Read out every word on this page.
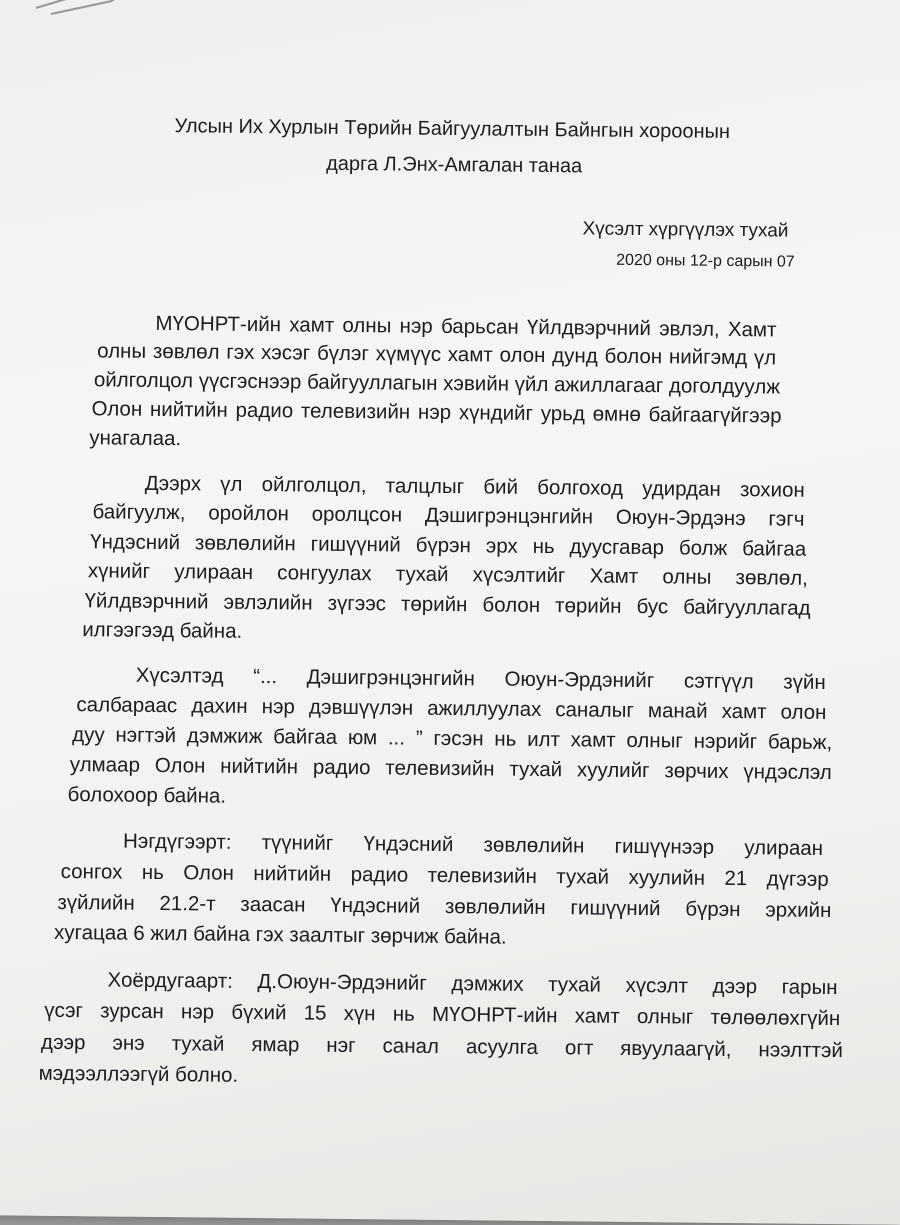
Улсын Их Хурлын Төрийн Байгуулалтын Байнгын хороонын
дарга Л.Энх-Амгалан танаа
Хүсэлт хүргүүлэх тухай
2020 оны 12-р сарын 07
МҮОНРТ-ийн хамт олны нэр барьсан Үйлдвэрчний эвлэл, Хамт
олны зөвлөл гэх хэсэг бүлэг хүмүүс хамт олон дунд болон нийгэмд үл
ойлголцол үүсгэснээр байгууллагын хэвийн үйл ажиллагааг доголдуулж
Олон нийтийн радио телевизийн нэр хүндийг урьд өмнө байгаагүйгээр
унагалаа.
Дээрх үл ойлголцол, талцлыг бий болгоход удирдан зохион
байгуулж, оройлон оролцсон Дэшигрэнцэнгийн Оюун-Эрдэнэ гэгч
Үндэсний зөвлөлийн гишүүний бүрэн эрх нь дуусгавар болж байгаа
хүнийг улираан сонгуулах тухай хүсэлтийг Хамт олны зөвлөл,
Үйлдвэрчний эвлэлийн зүгээс төрийн болон төрийн бус байгууллагад
илгээгээд байна.
Хүсэлтэд “... Дэшигрэнцэнгийн Оюун-Эрдэнийг сэтгүүл зүйн
салбараас дахин нэр дэвшүүлэн ажиллуулах саналыг манай хамт олон
дуу нэгтэй дэмжиж байгаа юм ... ” гэсэн нь илт хамт олныг нэрийг барьж,
улмаар Олон нийтийн радио телевизийн тухай хуулийг зөрчих үндэслэл
болохоор байна.
Нэгдүгээрт: түүнийг Үндэсний зөвлөлийн гишүүнээр улираан
сонгох нь Олон нийтийн радио телевизийн тухай хуулийн 21 дүгээр
зүйлийн 21.2-т заасан Үндэсний зөвлөлийн гишүүний бүрэн эрхийн
хугацаа 6 жил байна гэх заалтыг зөрчиж байна.
Хоёрдугаарт: Д.Оюун-Эрдэнийг дэмжих тухай хүсэлт дээр гарын
үсэг зурсан нэр бүхий 15 хүн нь МҮОНРТ-ийн хамт олныг төлөөлөхгүйн
дээр энэ тухай ямар нэг санал асуулга огт явуулаагүй, нээлттэй
мэдээллээгүй болно.
